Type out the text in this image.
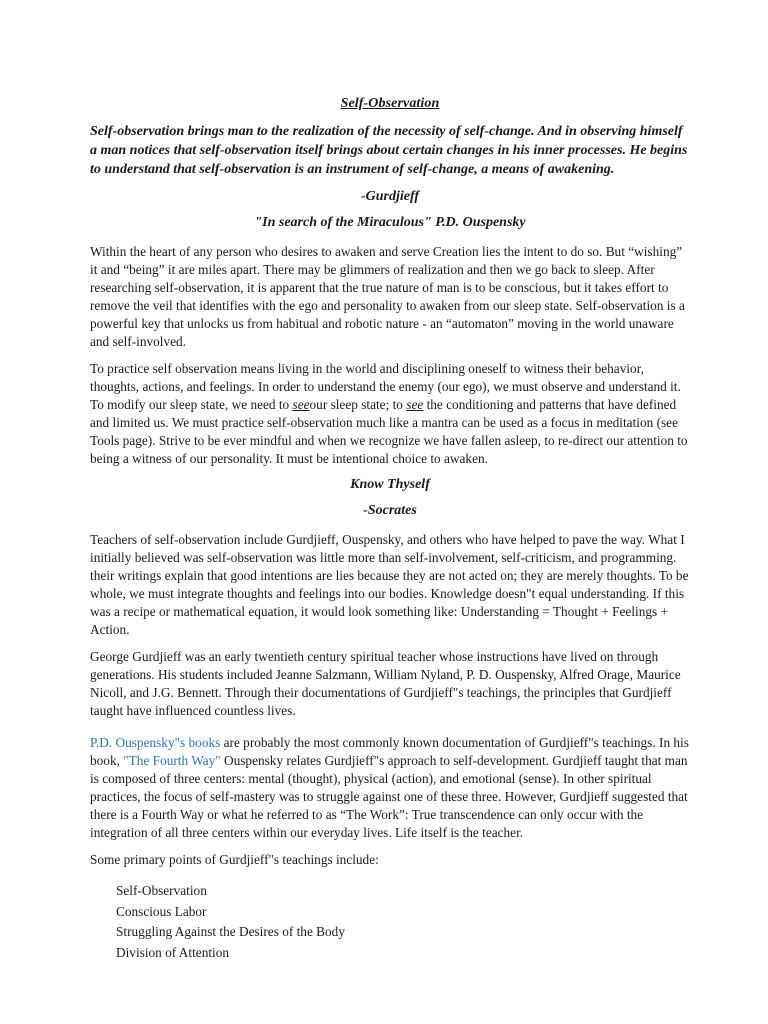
Self-Observation
Self-observation brings man to the realization of the necessity of self-change. And in observing himself a man notices that self-observation itself brings about certain changes in his inner processes. He begins to understand that self-observation is an instrument of self-change, a means of awakening.
-Gurdjieff
"In search of the Miraculous" P.D. Ouspensky

Within the heart of any person who desires to awaken and serve Creation lies the intent to do so. But “wishing” it and “being” it are miles apart. There may be glimmers of realization and then we go back to sleep. After researching self-observation, it is apparent that the true nature of man is to be conscious, but it takes effort to remove the veil that identifies with the ego and personality to awaken from our sleep state. Self-observation is a powerful key that unlocks us from habitual and robotic nature - an “automaton” moving in the world unaware and self-involved.

To practice self observation means living in the world and disciplining oneself to witness their behavior, thoughts, actions, and feelings. In order to understand the enemy (our ego), we must observe and understand it. To modify our sleep state, we need to seeour sleep state; to see the conditioning and patterns that have defined and limited us. We must practice self-observation much like a mantra can be used as a focus in meditation (see Tools page). Strive to be ever mindful and when we recognize we have fallen asleep, to re-direct our attention to being a witness of our personality. It must be intentional choice to awaken.

Know Thyself
-Socrates

Teachers of self-observation include Gurdjieff, Ouspensky, and others who have helped to pave the way. What I initially believed was self-observation was little more than self-involvement, self-criticism, and programming. their writings explain that good intentions are lies because they are not acted on; they are merely thoughts. To be whole, we must integrate thoughts and feelings into our bodies. Knowledge doesn"t equal understanding. If this was a recipe or mathematical equation, it would look something like: Understanding = Thought + Feelings + Action.

George Gurdjieff was an early twentieth century spiritual teacher whose instructions have lived on through generations. His students included Jeanne Salzmann, William Nyland, P. D. Ouspensky, Alfred Orage, Maurice Nicoll, and J.G. Bennett. Through their documentations of Gurdjieff"s teachings, the principles that Gurdjieff taught have influenced countless lives.

P.D. Ouspensky"s books are probably the most commonly known documentation of Gurdjieff"s teachings. In his book, "The Fourth Way" Ouspensky relates Gurdjieff"s approach to self-development. Gurdjieff taught that man is composed of three centers: mental (thought), physical (action), and emotional (sense). In other spiritual practices, the focus of self-mastery was to struggle against one of these three. However, Gurdjieff suggested that there is a Fourth Way or what he referred to as “The Work”: True transcendence can only occur with the integration of all three centers within our everyday lives. Life itself is the teacher.

Some primary points of Gurdjieff"s teachings include:

Self-Observation
Conscious Labor
Struggling Against the Desires of the Body
Division of Attention
